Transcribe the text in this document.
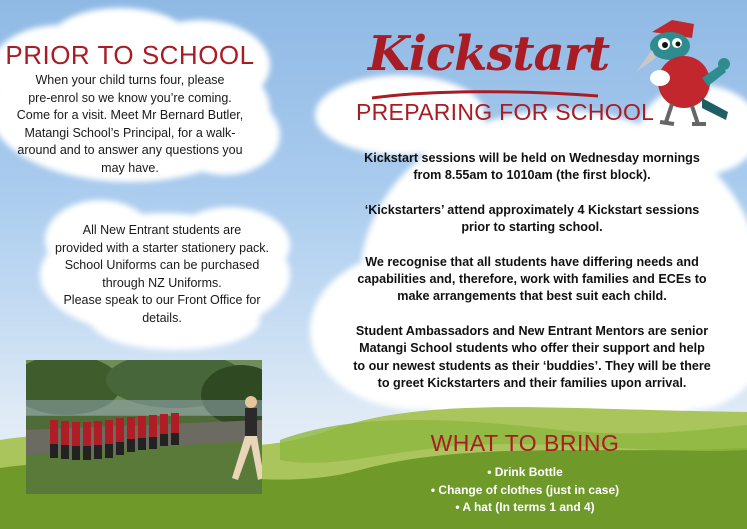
PRIOR TO SCHOOL
When your child turns four, please
pre-enrol so we know you’re coming.
Come for a visit. Meet Mr Bernard Butler,
Matangi School’s Principal, for a walk-
around and to answer any questions you
may have.
All New Entrant students are
provided with a starter stationery pack.
School Uniforms can be purchased
through NZ Uniforms.
Please speak to our Front Office for
details.
Kickstart
PREPARING FOR SCHOOL

Kickstart sessions will be held on Wednesday mornings
from 8.55am to 1010am (the first block).

‘Kickstarters’ attend approximately 4 Kickstart sessions
prior to starting school.

We recognise that all students have differing needs and
capabilities and, therefore, work with families and ECEs to
make arrangements that best suit each child.

Student Ambassadors and New Entrant Mentors are senior
Matangi School students who offer their support and help
to our newest students as their ‘buddies’. They will be there
to greet Kickstarters and their families upon arrival.

WHAT TO BRING
• Drink Bottle
• Change of clothes (just in case)
• A hat (In terms 1 and 4)
